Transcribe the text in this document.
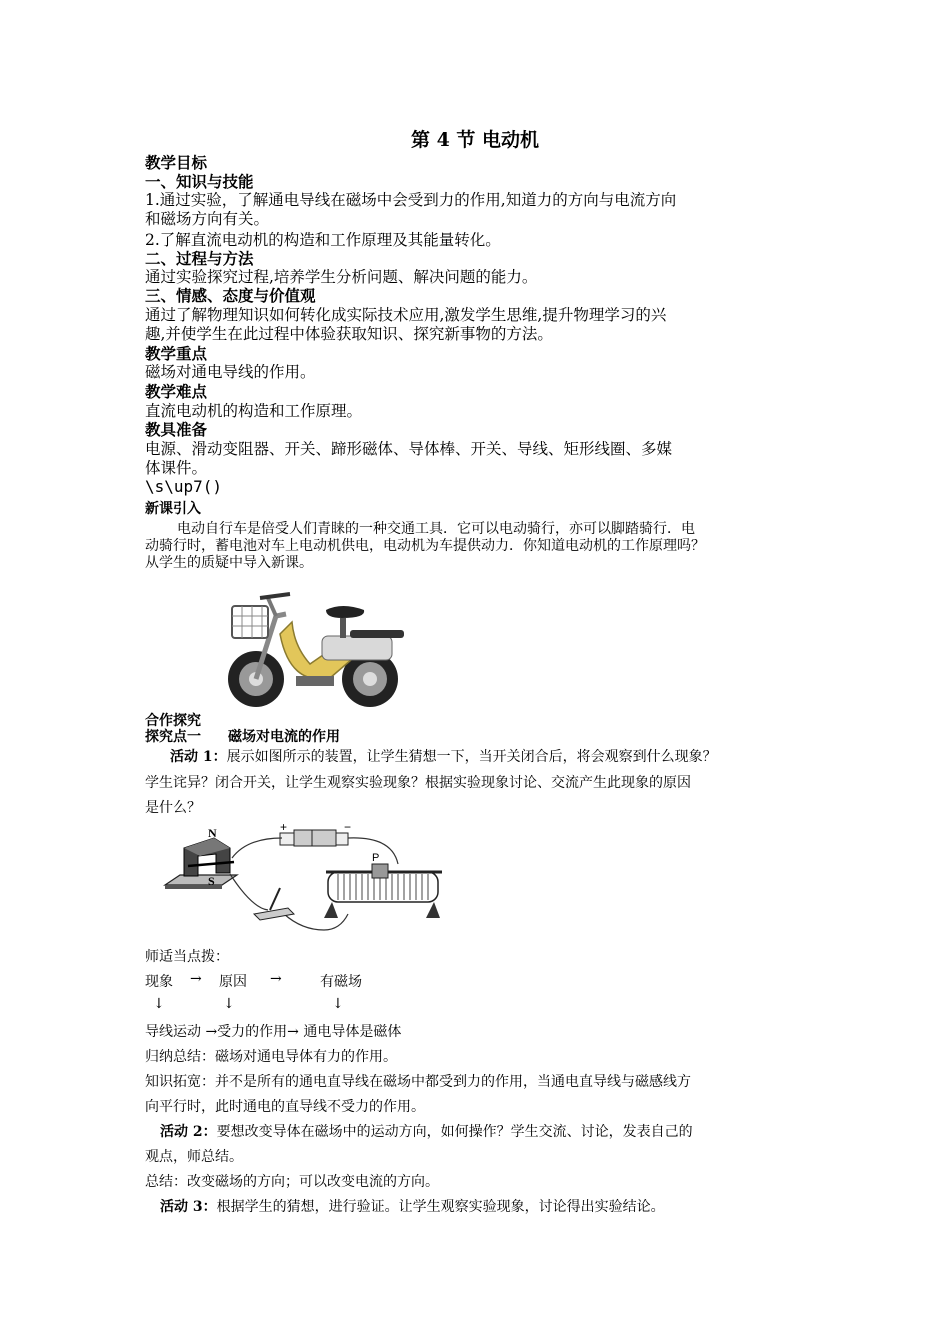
第 4 节 电动机
教学目标
一、知识与技能
1.通过实验，了解通电导线在磁场中会受到力的作用,知道力的方向与电流方向
和磁场方向有关。
2.了解直流电动机的构造和工作原理及其能量转化。
二、过程与方法
通过实验探究过程,培养学生分析问题、解决问题的能力。
三、情感、态度与价值观
通过了解物理知识如何转化成实际技术应用,激发学生思维,提升物理学习的兴
趣,并使学生在此过程中体验获取知识、探究新事物的方法。
教学重点
磁场对通电导线的作用。
教学难点
直流电动机的构造和工作原理。
教具准备
电源、滑动变阻器、开关、蹄形磁体、导体棒、开关、导线、矩形线圈、多媒
体课件。
\s\up7()
新课引入
电动自行车是倍受人们青睐的一种交通工具．它可以电动骑行，亦可以脚踏骑行．电
动骑行时，蓄电池对车上电动机供电，电动机为车提供动力．你知道电动机的工作原理吗？
从学生的质疑中导入新课。
合作探究
探究点一 磁场对电流的作用
活动 1：展示如图所示的装置，让学生猜想一下，当开关闭合后，将会观察到什么现象？
学生诧异？闭合开关，让学生观察实验现象？根据实验现象讨论、交流产生此现象的原因
是什么？
N
S
+	−
P
师适当点拨：
现象 → 原因 →	有磁场
↓	↓	↓
导线运动 →受力的作用→ 通电导体是磁体
归纳总结：磁场对通电导体有力的作用。
知识拓宽：并不是所有的通电直导线在磁场中都受到力的作用，当通电直导线与磁感线方
向平行时，此时通电的直导线不受力的作用。
活动 2：要想改变导体在磁场中的运动方向，如何操作？学生交流、讨论，发表自己的
观点，师总结。
总结：改变磁场的方向；可以改变电流的方向。
活动 3：根据学生的猜想，进行验证。让学生观察实验现象，讨论得出实验结论。
